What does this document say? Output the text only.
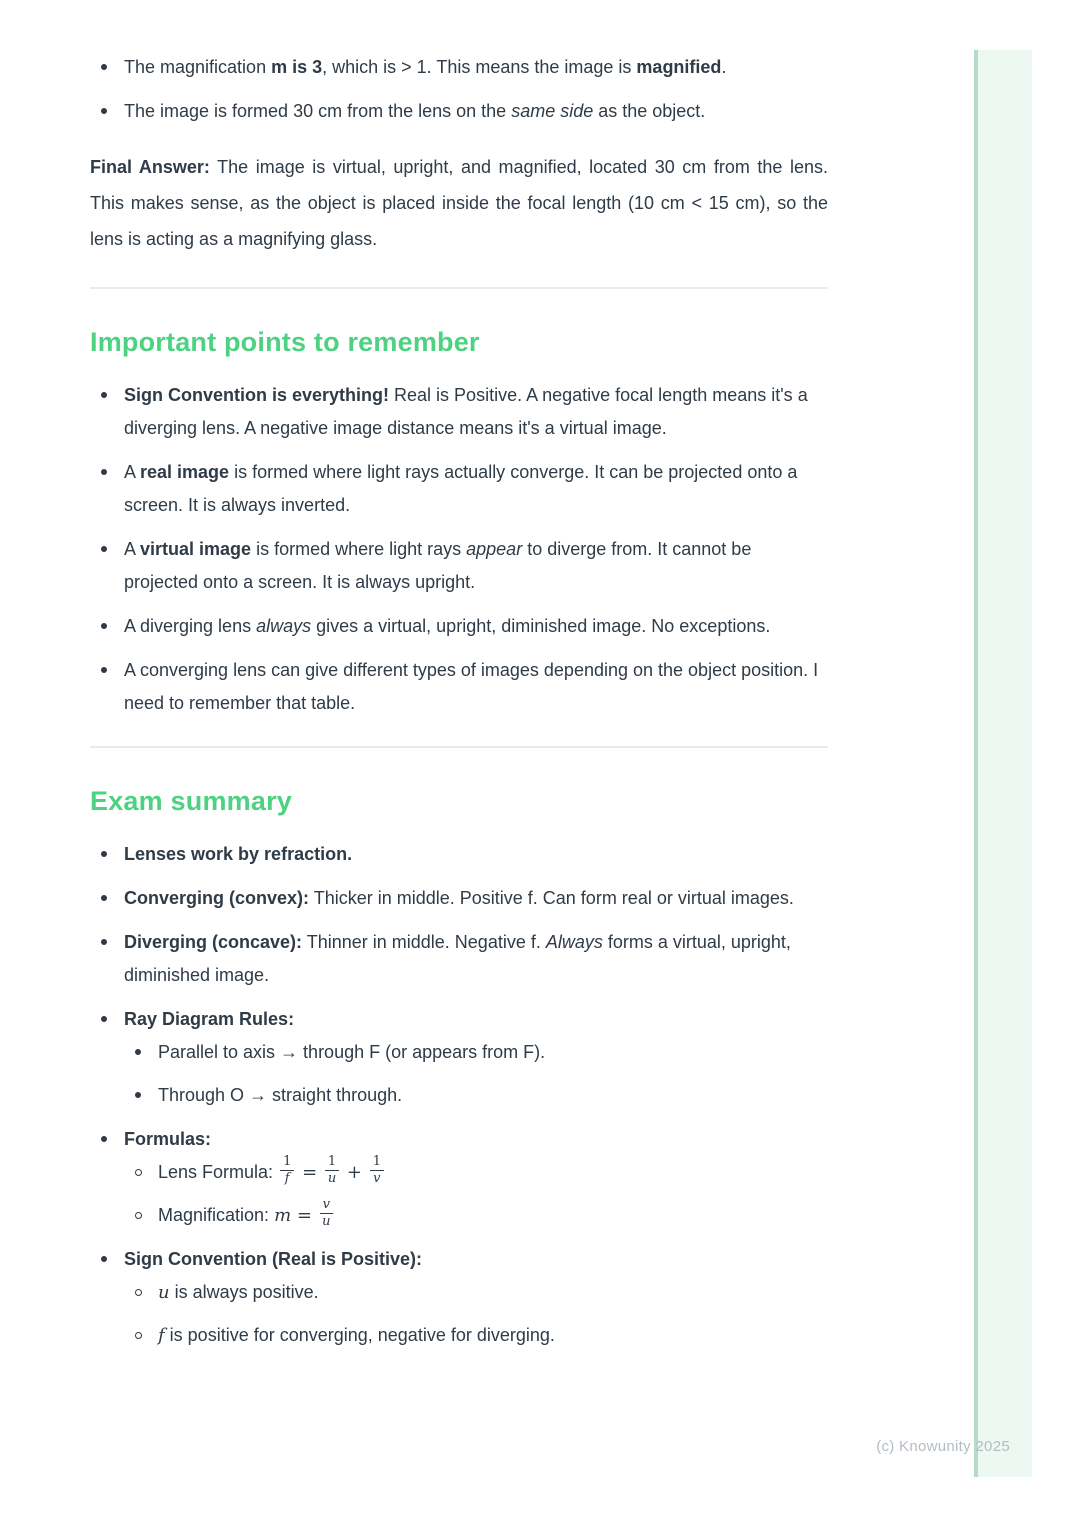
(c) Knowunity 2025
The magnification m is 3, which is > 1. This means the image is magnified.
The image is formed 30 cm from the lens on the same side as the object.

Final Answer: The image is virtual, upright, and magnified, located 30 cm from the lens. This makes sense, as the object is placed inside the focal length (10 cm < 15 cm), so the lens is acting as a magnifying glass.

Important points to remember
Sign Convention is everything! Real is Positive. A negative focal length means it's a diverging lens. A negative image distance means it's a virtual image.
A real image is formed where light rays actually converge. It can be projected onto a screen. It is always inverted.
A virtual image is formed where light rays appear to diverge from. It cannot be projected onto a screen. It is always upright.
A diverging lens always gives a virtual, upright, diminished image. No exceptions.
A converging lens can give different types of images depending on the object position. I need to remember that table.
Exam summary
Lenses work by refraction.
Converging (convex): Thicker in middle. Positive f. Can form real or virtual images.
Diverging (concave): Thinner in middle. Negative f. Always forms a virtual, upright, diminished image.
Ray Diagram Rules:
Parallel to axis → through F (or appears from F).
Through O → straight through.
Formulas:
Lens Formula: $\frac{1}{f} = \frac{1}{u} + \frac{1}{v}$
Magnification: $m = \frac{v}{u}$
Sign Convention (Real is Positive):
u is always positive.
f is positive for converging, negative for diverging.
